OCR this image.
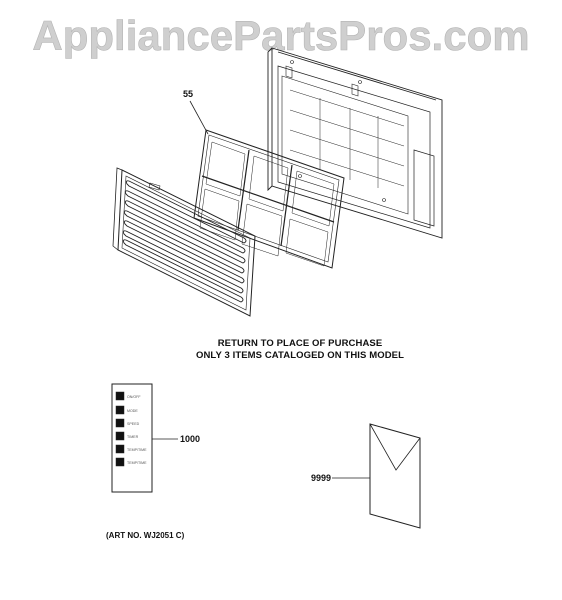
AppliancePartsPros.com
ON/OFF
MODE
SPEED
TIMER
TEMP/TIME
TEMP/TIME
55
1000
9999
RETURN TO PLACE OF PURCHASE
ONLY 3 ITEMS CATALOGED ON THIS MODEL
(ART NO. WJ2051 C)
